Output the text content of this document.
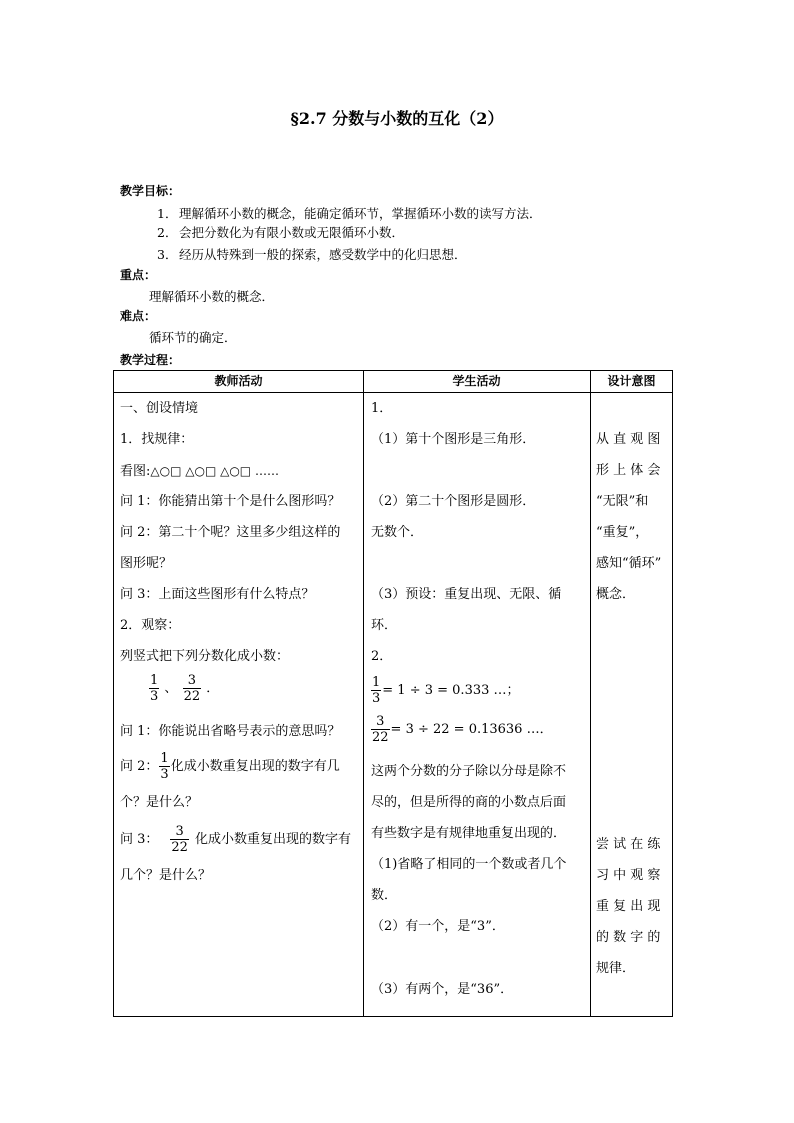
§2.7 分数与小数的互化（2）
教学目标：
1． 理解循环小数的概念，能确定循环节，掌握循环小数的读写方法．
2． 会把分数化为有限小数或无限循环小数．
3． 经历从特殊到一般的探索，感受数学中的化归思想．
重点：
理解循环小数的概念．
难点：
循环节的确定．
教学过程：
教师活动	学生活动	设计意图
一、创设情境
1．找规律：
看图:△○□ △○□ △○□ ……
问 1：你能猜出第十个是什么图形吗？
问 2：第二十个呢？这里多少组这样的
图形呢？
问 3：上面这些图形有什么特点？
2．观察：
列竖式把下列分数化成小数：
$\frac{1}{3}$ 、 $\frac{3}{22}$ ．
问 1：你能说出省略号表示的意思吗？
问 2： $\frac{1}{3}$ 化成小数重复出现的数字有几
个？是什么？
问 3： $\frac{3}{22}$ 化成小数重复出现的数字有
几个？是什么？
1．
（1）第十个图形是三角形．
（2）第二十个图形是圆形．
无数个．
（3）预设：重复出现、无限、循
环．
2．
$\frac{1}{3} = 1 \div 3 = 0.333$ …；
$\frac{3}{22} = 3 \div 22 = 0.13636$ …．
这两个分数的分子除以分母是除不
尽的，但是所得的商的小数点后面
有些数字是有规律地重复出现的．
（1)省略了相同的一个数或者几个
数．
（2）有一个，是“3”．
（3）有两个，是“36”．
从 直 观 图
形 上 体 会
“无限”和
“重复”，
感知“循环”
概念．
尝 试 在 练
习 中 观 察
重 复 出 现
的 数 字 的
规律．
